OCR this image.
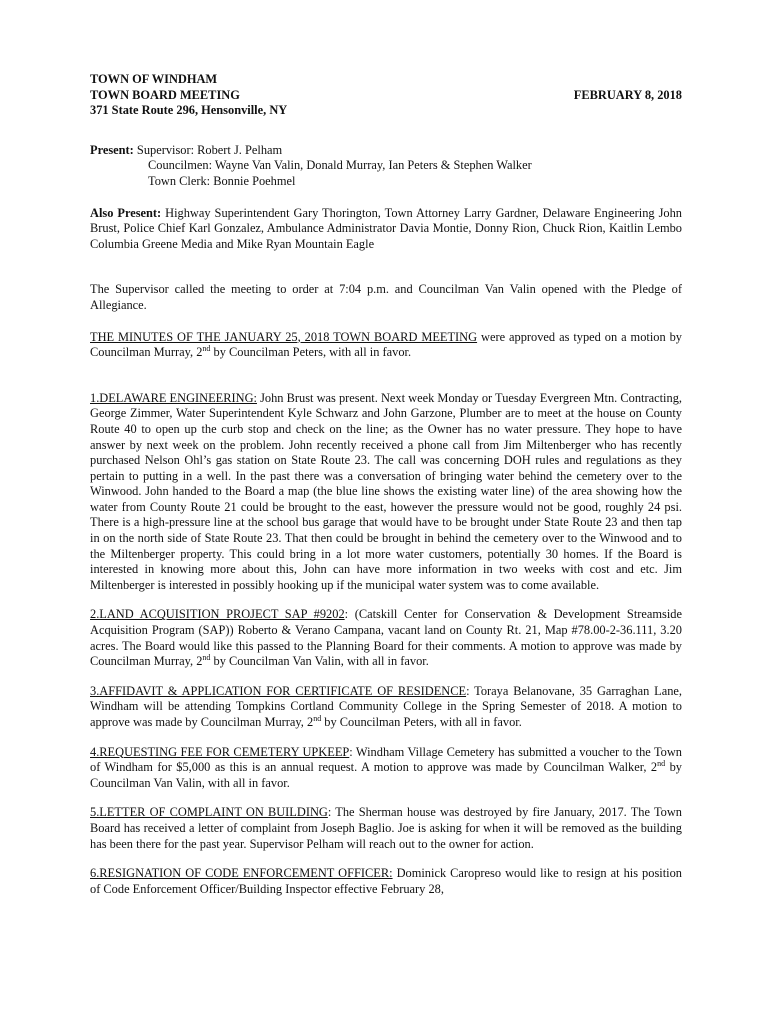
TOWN OF WINDHAM
TOWN BOARD MEETING
371 State Route 296, Hensonville, NY
FEBRUARY 8, 2018
Present: Supervisor: Robert J. Pelham
Councilmen: Wayne Van Valin, Donald Murray, Ian Peters & Stephen Walker
Town Clerk: Bonnie Poehmel

Also Present: Highway Superintendent Gary Thorington, Town Attorney Larry Gardner, Delaware Engineering John Brust, Police Chief Karl Gonzalez, Ambulance Administrator Davia Montie, Donny Rion, Chuck Rion, Kaitlin Lembo Columbia Greene Media and Mike Ryan Mountain Eagle

The Supervisor called the meeting to order at 7:04 p.m. and Councilman Van Valin opened with the Pledge of Allegiance.

THE MINUTES OF THE JANUARY 25, 2018 TOWN BOARD MEETING were approved as typed on a motion by Councilman Murray, 2nd by Councilman Peters, with all in favor.

1.DELAWARE ENGINEERING: John Brust was present. Next week Monday or Tuesday Evergreen Mtn. Contracting, George Zimmer, Water Superintendent Kyle Schwarz and John Garzone, Plumber are to meet at the house on County Route 40 to open up the curb stop and check on the line; as the Owner has no water pressure. They hope to have answer by next week on the problem. John recently received a phone call from Jim Miltenberger who has recently purchased Nelson Ohl’s gas station on State Route 23. The call was concerning DOH rules and regulations as they pertain to putting in a well. In the past there was a conversation of bringing water behind the cemetery over to the Winwood. John handed to the Board a map (the blue line shows the existing water line) of the area showing how the water from County Route 21 could be brought to the east, however the pressure would not be good, roughly 24 psi. There is a high-pressure line at the school bus garage that would have to be brought under State Route 23 and then tap in on the north side of State Route 23. That then could be brought in behind the cemetery over to the Winwood and to the Miltenberger property. This could bring in a lot more water customers, potentially 30 homes. If the Board is interested in knowing more about this, John can have more information in two weeks with cost and etc. Jim Miltenberger is interested in possibly hooking up if the municipal water system was to come available.

2.LAND ACQUISITION PROJECT SAP #9202: (Catskill Center for Conservation & Development Streamside Acquisition Program (SAP)) Roberto & Verano Campana, vacant land on County Rt. 21, Map #78.00-2-36.111, 3.20 acres. The Board would like this passed to the Planning Board for their comments. A motion to approve was made by Councilman Murray, 2nd by Councilman Van Valin, with all in favor.

3.AFFIDAVIT & APPLICATION FOR CERTIFICATE OF RESIDENCE: Toraya Belanovane, 35 Garraghan Lane, Windham will be attending Tompkins Cortland Community College in the Spring Semester of 2018. A motion to approve was made by Councilman Murray, 2nd by Councilman Peters, with all in favor.

4.REQUESTING FEE FOR CEMETERY UPKEEP: Windham Village Cemetery has submitted a voucher to the Town of Windham for $5,000 as this is an annual request. A motion to approve was made by Councilman Walker, 2nd by Councilman Van Valin, with all in favor.

5.LETTER OF COMPLAINT ON BUILDING: The Sherman house was destroyed by fire January, 2017. The Town Board has received a letter of complaint from Joseph Baglio. Joe is asking for when it will be removed as the building has been there for the past year. Supervisor Pelham will reach out to the owner for action.

6.RESIGNATION OF CODE ENFORCEMENT OFFICER: Dominick Caropreso would like to resign at his position of Code Enforcement Officer/Building Inspector effective February 28,
